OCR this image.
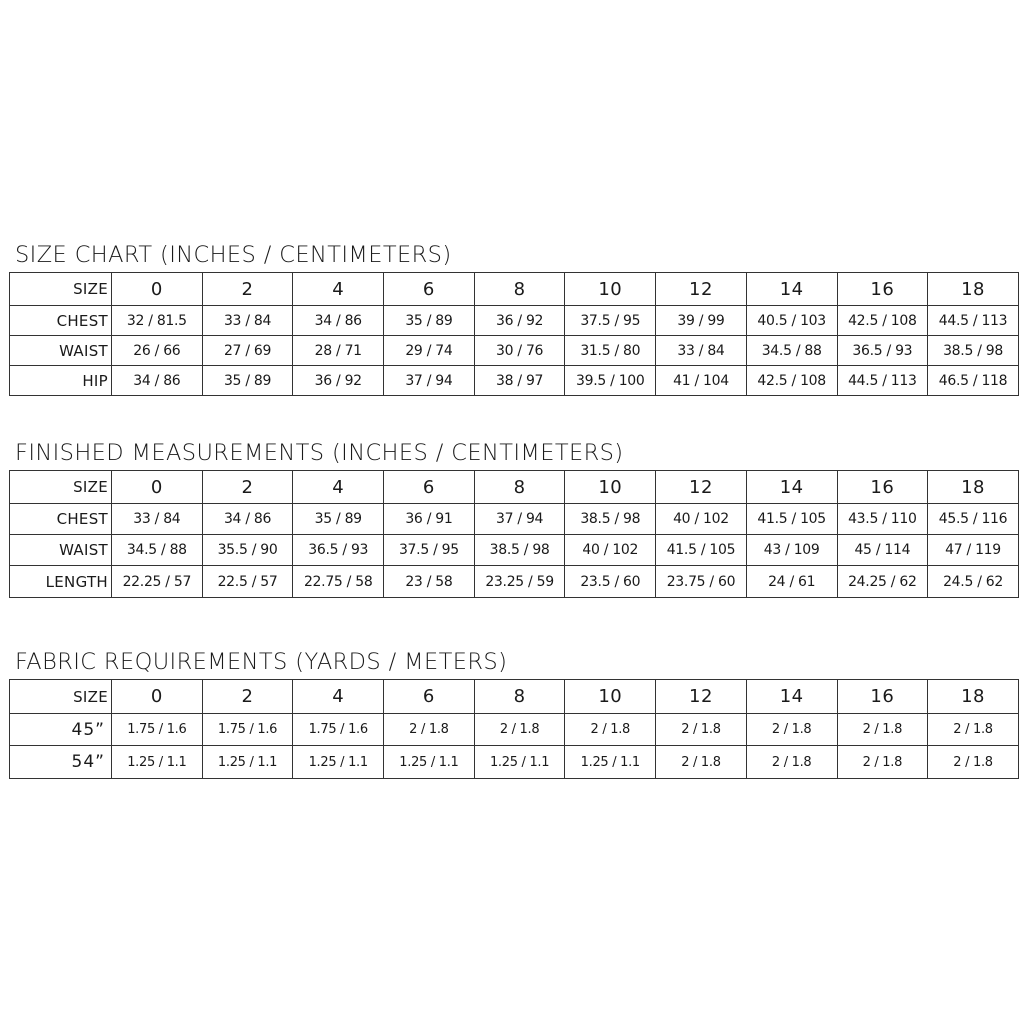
SIZE CHART (INCHES / CENTIMETERS)
SIZE	0	2	4	6	8	10	12	14	16	18
CHEST	32 / 81.5	33 / 84	34 / 86	35 / 89	36 / 92	37.5 / 95	39 / 99	40.5 / 103	42.5 / 108	44.5 / 113
WAIST	26 / 66	27 / 69	28 / 71	29 / 74	30 / 76	31.5 / 80	33 / 84	34.5 / 88	36.5 / 93	38.5 / 98
HIP	34 / 86	35 / 89	36 / 92	37 / 94	38 / 97	39.5 / 100	41 / 104	42.5 / 108	44.5 / 113	46.5 / 118
FINISHED MEASUREMENTS (INCHES / CENTIMETERS)
SIZE	0	2	4	6	8	10	12	14	16	18
CHEST	33 / 84	34 / 86	35 / 89	36 / 91	37 / 94	38.5 / 98	40 / 102	41.5 / 105	43.5 / 110	45.5 / 116
WAIST	34.5 / 88	35.5 / 90	36.5 / 93	37.5 / 95	38.5 / 98	40 / 102	41.5 / 105	43 / 109	45 / 114	47 / 119
LENGTH	22.25 / 57	22.5 / 57	22.75 / 58	23 / 58	23.25 / 59	23.5 / 60	23.75 / 60	24 / 61	24.25 / 62	24.5 / 62
FABRIC REQUIREMENTS (YARDS / METERS)
SIZE	0	2	4	6	8	10	12	14	16	18
45”	1.75 / 1.6	1.75 / 1.6	1.75 / 1.6	2 / 1.8	2 / 1.8	2 / 1.8	2 / 1.8	2 / 1.8	2 / 1.8	2 / 1.8
54”	1.25 / 1.1	1.25 / 1.1	1.25 / 1.1	1.25 / 1.1	1.25 / 1.1	1.25 / 1.1	2 / 1.8	2 / 1.8	2 / 1.8	2 / 1.8
